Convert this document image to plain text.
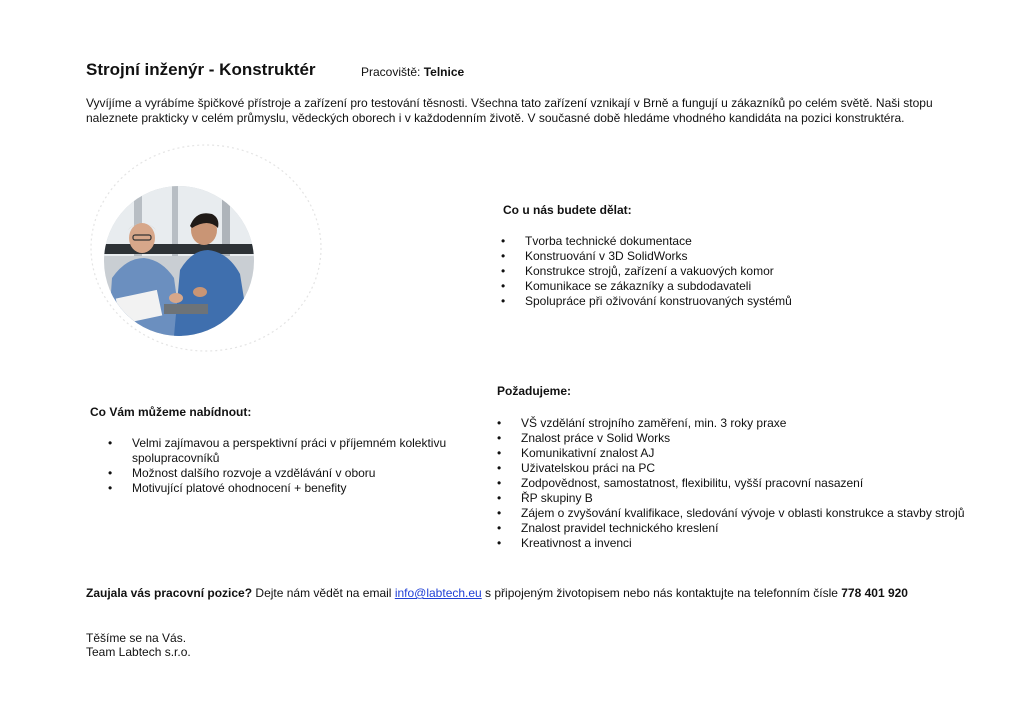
Strojní inženýr - Konstruktér	Pracoviště: Telnice
Vyvíjíme a vyrábíme špičkové přístroje a zařízení pro testování těsnosti. Všechna tato zařízení vznikají v Brně a fungují u zákazníků po celém světě. Naši stopu naleznete prakticky v celém průmyslu, vědeckých oborech i v každodenním životě. V současné době hledáme vhodného kandidáta na pozici konstruktéra.
Co u nás budete dělat:
• Tvorba technické dokumentace
• Konstruování v 3D SolidWorks
• Konstrukce strojů, zařízení a vakuových komor
• Komunikace se zákazníky a subdodavateli
• Spolupráce při oživování konstruovaných systémů
Požadujeme:
• VŠ vzdělání strojního zaměření, min. 3 roky praxe
• Znalost práce v Solid Works
• Komunikativní znalost AJ
• Uživatelskou práci na PC
• Zodpovědnost, samostatnost, flexibilitu, vyšší pracovní nasazení
• ŘP skupiny B
• Zájem o zvyšování kvalifikace, sledování vývoje v oblasti konstrukce a stavby strojů
• Znalost pravidel technického kreslení
• Kreativnost a invenci
Co Vám můžeme nabídnout:
• Velmi zajímavou a perspektivní práci v příjemném kolektivu spolupracovníků
• Možnost dalšího rozvoje a vzdělávání v oboru
• Motivující platové ohodnocení + benefity
Zaujala vás pracovní pozice? Dejte nám vědět na email info@labtech.eu s připojeným životopisem nebo nás kontaktujte na telefonním čísle 778 401 920
Těšíme se na Vás.
Team Labtech s.r.o.
